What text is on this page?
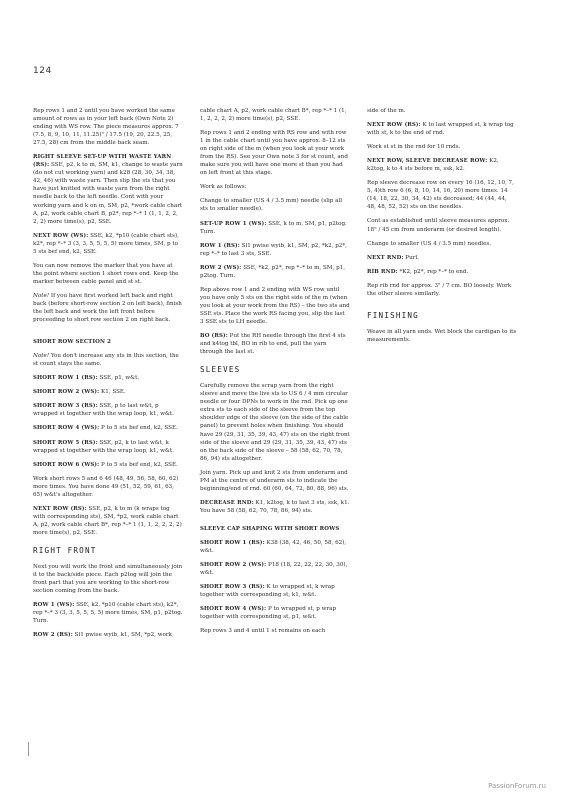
124

Rep rows 1 and 2 until you have worked the same amount of rows as in your left back (Own Note 2) ending with WS row. The piece measures approx. 7 (7.5, 8, 9, 10, 11, 11.25)" / 17.5 (19, 20, 22.5, 25, 27.5, 28) cm from the middle back seam.

RIGHT SLEEVE SET-UP WITH WASTE YARN (RS): SSE, p2, k to m, SM, k1, change to waste yarn (do not cut working yarn) and k28 (28, 30, 34, 38, 42, 46) with waste yarn. Then slip the sts that you have just knitted with waste yarn from the right needle back to the left needle. Cont with your working yarn and k on m, SM, p2, *work cable chart A, p2, work cable chart B, p2*, rep *–* 1 (1, 1, 2, 2, 2, 2) more time(s), p2, SSE.

NEXT ROW (WS): SSE, k2, *p10 (cable chart sts), k2*, rep *–* 3 (3, 3, 5, 5, 5, 5) more times, SM, p to 5 sts bef end, k2, SSE.

You can now remove the marker that you have at the point where section 1 short rows end. Keep the marker between cable panel and st st.

Note! If you have first worked left back and right back (before short-row section 2 on left back), finish the left back and work the left front before proceeding to short row section 2 on right back.

SHORT ROW SECTION 2

Note! You don't increase any sts in this section, the st count stays the same.

SHORT ROW 1 (RS): SSE, p1, w&t.

SHORT ROW 2 (WS): K1, SSE.

SHORT ROW 3 (RS): SSE, p to last w&t, p wrapped st together with the wrap loop, k1, w&t.

SHORT ROW 4 (WS): P to 5 sts bef end, k2, SSE.

SHORT ROW 5 (RS): SSE, p2, k to last w&t, k wrapped st together with the wrap loop, k1, w&t.

SHORT ROW 6 (WS): P to 5 sts bef end, k2, SSE.

Work short rows 5 and 6 46 (48, 49, 56, 58, 60, 62) more times. You have done 49 (51, 52, 59, 61, 63, 65) w&t's altogether.

NEXT ROW (RS): SSE, p2, k to m (k wraps tog with corresponding sts), SM, *p2, work cable chart A, p2, work cable chart B*, rep *–* 1 (1, 1, 2, 2, 2, 2) more time(s), p2, SSE.

RIGHT FRONT

Next you will work the front and simultaneously join it to the back/side piece. Each p2tog will join the front part that you are working to the short-row section coming from the back.

ROW 1 (WS): SSE, k2, *p10 (cable chart sts), k2*, rep *–* 3 (3, 3, 5, 5, 5, 5) more times, SM, p1, p2tog. Turn.

ROW 2 (RS): Sl1 pwise wyib, k1, SM, *p2, work

cable chart A, p2, work cable chart B*, rep *–* 1 (1, 1, 2, 2, 2, 2) more time(s), p2, SSE.

Rep rows 1 and 2 ending with RS row and with row 1 in the cable chart until you have approx. 8–12 sts on right side of the m (when you look at your work from the RS). See your Own note 3 for st count, and make sure you will have one more st than you had on left front at this stage.

Work as follows:

Change to smaller (US 4 / 3.5 mm) needle (slip all sts to smaller needle).

SET-UP ROW 1 (WS): SSE, k to m, SM, p1, p2tog. Turn.

ROW 1 (RS): Sl1 pwise wyib, k1, SM, p2, *k2, p2*, rep *–* to last 3 sts, SSE.

ROW 2 (WS): SSE, *k2, p2*, rep *–* to m, SM, p1, p2tog. Turn.

Rep above row 1 and 2 ending with WS row until you have only 5 sts on the right side of the m (when you look at your work from the RS) – the two sts and SSE sts. Place the work RS facing you, slip the last 3 SSE sts to LH needle.

BO (RS): Put the RH needle through the first 4 sts and k4tog tbl, BO in rib to end, pull the yarn through the last st.

SLEEVES

Carefully remove the scrap yarn from the right sleeve and move the live sts to US 6 / 4 mm circular needle or four DPNs to work in the rnd. Pick up one extra sts to each side of the sleeve from the top shoulder edge of the sleeve (on the side of the cable panel) to prevent holes when finishing. You should have 29 (29, 31, 35, 39, 43, 47) sts on the right front side of the sleeve and 29 (29, 31, 35, 39, 43, 47) sts on the back side of the sleeve – 58 (58, 62, 70, 78, 86, 94) sts altogether.

Join yarn. Pick up and knit 2 sts from underarm and PM at the centre of underarm sts to indicate the beginning/end of rnd. 60 (60, 64, 72, 80, 88, 96) sts.

DECREASE RND: K1, k2tog, k to last 3 sts, ssk, k1. You have 58 (58, 62, 70, 78, 86, 94) sts.

SLEEVE CAP SHAPING WITH SHORT ROWS

SHORT ROW 1 (RS): K38 (38, 42, 46, 50, 58, 62), w&t.

SHORT ROW 2 (WS): P18 (18, 22, 22, 22, 30, 30), w&t.

SHORT ROW 3 (RS): K to wrapped st, k wrap together with corresponding st, k1, w&t.

SHORT ROW 4 (WS): P to wrapped st, p wrap together with corresponding st, p1, w&t.

Rep rows 3 and 4 until 1 st remains on each

side of the m.

NEXT ROW (RS): K to last wrapped st, k wrap tog with st, k to the end of rnd.

Work st st in the rnd for 10 rnds.

NEXT ROW, SLEEVE DECREASE ROW: K2, k2tog, k to 4 sts before m, ssk, k2.

Rep sleeve decrease row on every 16 (16, 12, 10, 7, 5, 4)th row 6 (6, 8, 10, 14, 16, 20) more times. 14 (14, 18, 22, 30, 34, 42) sts decreased; 44 (44, 44, 48, 48, 52, 52) sts on the needles.

Cont as established until sleeve measures approx. 18" / 45 cm from underarm (or desired length).

Change to smaller (US 4 / 3.5 mm) needles.

NEXT RND: Purl.

RIB RND: *K2, p2*, rep *–* to end.

Rep rib rnd for approx. 3" / 7 cm. BO loosely. Work the other sleeve similarly.

FINISHING

Weave in all yarn ends. Wet block the cardigan to its measurements.

PassionForum.ru
